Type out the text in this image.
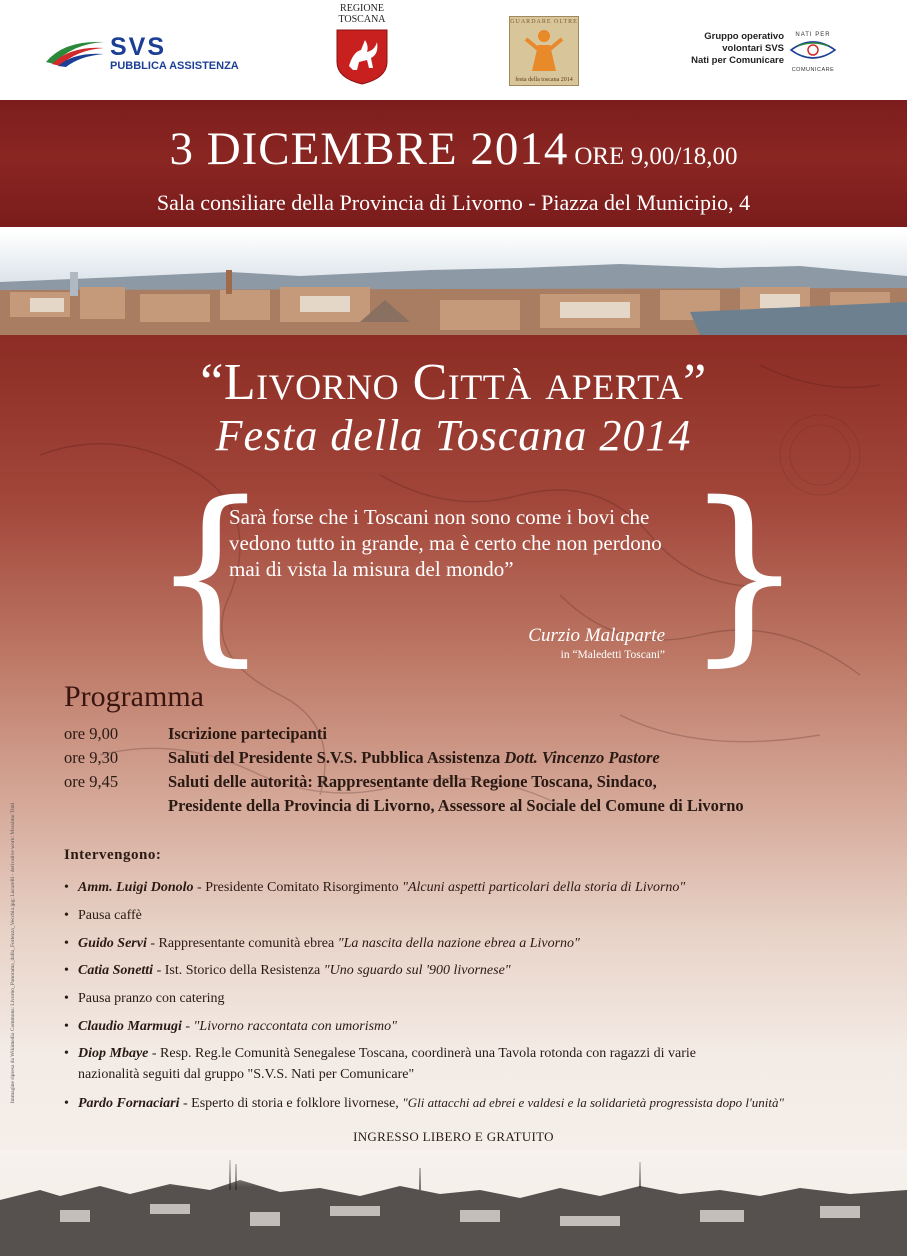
SVS
PUBBLICA ASSISTENZA
REGIONE
TOSCANA	GUARDARE OLTRE
festa della toscana 2014
Gruppo operativo
volontari SVS
Nati per Comunicare
NATI PER
COMUNICARE
3 DICEMBRE 2014 ORE 9,00/18,00
Sala consiliare della Provincia di Livorno - Piazza del Municipio, 4
“Livorno Città aperta”
Festa della Toscana 2014
{ }
Sarà forse che i Toscani non sono come i bovi che vedono tutto in grande, ma è certo che non perdono mai di vista la misura del mondo”
Curzio Malaparte
in “Maledetti Toscani”
Programma
ore 9,00	Iscrizione partecipanti
ore 9,30	Saluti del Presidente S.V.S. Pubblica Assistenza Dott. Vincenzo Pastore
ore 9,45	Saluti delle autorità: Rappresentante della Regione Toscana, Sindaco,
Presidente della Provincia di Livorno, Assessore al Sociale del Comune di Livorno
Intervengono:
• Amm. Luigi Donolo - Presidente Comitato Risorgimento "Alcuni aspetti particolari della storia di Livorno"
• Pausa caffè
• Guido Servi - Rappresentante comunità ebrea "La nascita della nazione ebrea a Livorno"
• Catia Sonetti - Ist. Storico della Resistenza "Uno sguardo sul '900 livornese"
• Pausa pranzo con catering
• Claudio Marmugi - "Livorno raccontata con umorismo"
• Diop Mbaye - Resp. Reg.le Comunità Senegalese Toscana, coordinerà una Tavola rotonda con ragazzi di varie
nazionalità seguiti dal gruppo "S.V.S. Nati per Comunicare"
• Pardo Fornaciari - Esperto di storia e folklore livornese, "Gli attacchi ad ebrei e valdesi e la solidarietà progressista dopo l'unità"
INGRESSO LIBERO E GRATUITO
Immagine ripresa da Wikimedia Commons: Livorno_Panorama_dalla_Fortezza_Vecchia.jpg; Lucarelli - derivative work: Massimo Tinti
